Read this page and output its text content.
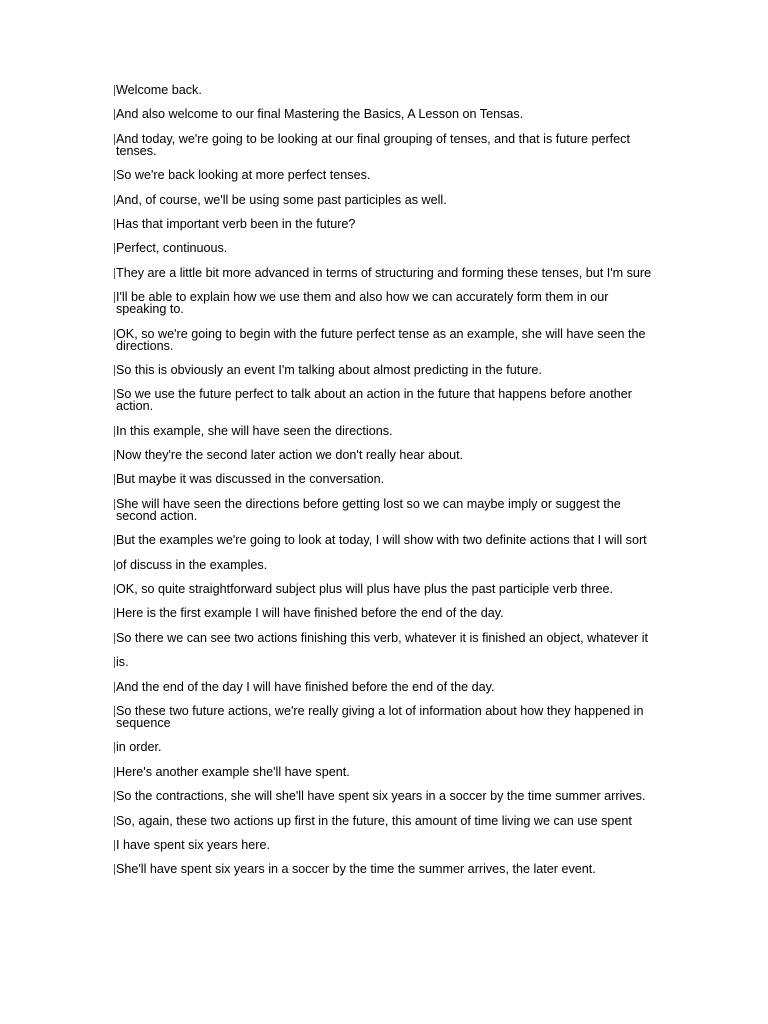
Welcome back.

And also welcome to our final Mastering the Basics, A Lesson on Tensas.

And today, we're going to be looking at our final grouping of tenses, and that is future perfect tenses.

So we're back looking at more perfect tenses.

And, of course, we'll be using some past participles as well.

Has that important verb been in the future?

Perfect, continuous.

They are a little bit more advanced in terms of structuring and forming these tenses, but I'm sure

I'll be able to explain how we use them and also how we can accurately form them in our speaking to.

OK, so we're going to begin with the future perfect tense as an example, she will have seen the directions.

So this is obviously an event I'm talking about almost predicting in the future.

So we use the future perfect to talk about an action in the future that happens before another action.

In this example, she will have seen the directions.

Now they're the second later action we don't really hear about.

But maybe it was discussed in the conversation.

She will have seen the directions before getting lost so we can maybe imply or suggest the second action.

But the examples we're going to look at today, I will show with two definite actions that I will sort

of discuss in the examples.

OK, so quite straightforward subject plus will plus have plus the past participle verb three.

Here is the first example I will have finished before the end of the day.

So there we can see two actions finishing this verb, whatever it is finished an object, whatever it

is.

And the end of the day I will have finished before the end of the day.

So these two future actions, we're really giving a lot of information about how they happened in sequence

in order.

Here's another example she'll have spent.

So the contractions, she will she'll have spent six years in a soccer by the time summer arrives.

So, again, these two actions up first in the future, this amount of time living we can use spent

I have spent six years here.

She'll have spent six years in a soccer by the time the summer arrives, the later event.
